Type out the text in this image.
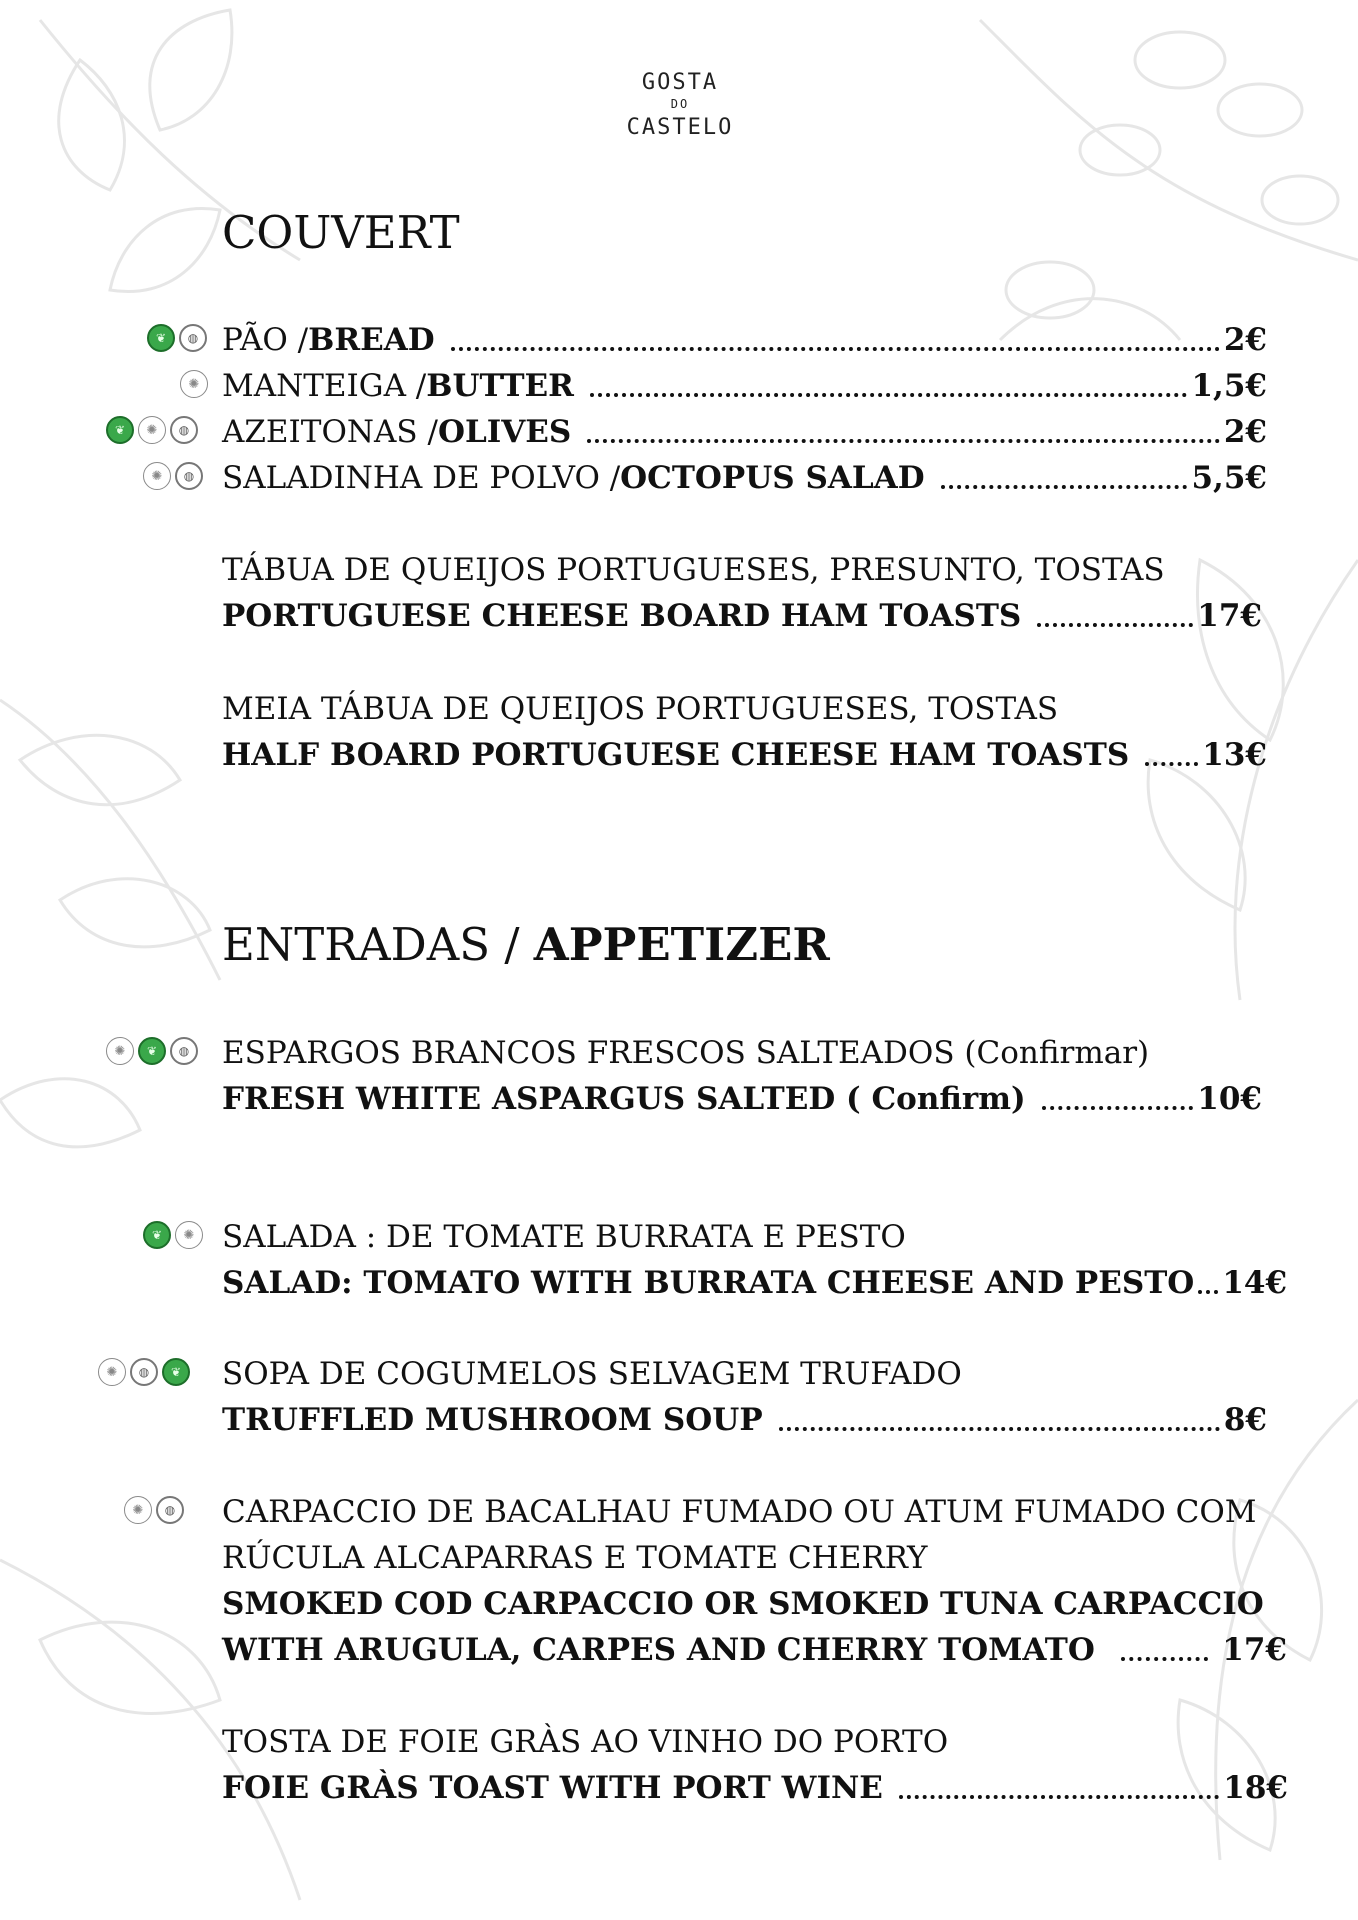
GOSTA
DO
CASTELO
COUVERT
❦	◍ PÃO / BREAD	2€
✺ MANTEIGA / BUTTER	1,5€
❦	✺	◍ AZEITONAS / OLIVES	2€
✺	◍ SALADINHA DE POLVO / OCTOPUS SALAD	5,5€
TÁBUA DE QUEIJOS PORTUGUESES, PRESUNTO, TOSTAS
PORTUGUESE CHEESE BOARD HAM TOASTS	17€
MEIA TÁBUA DE QUEIJOS PORTUGUESES, TOSTAS
HALF BOARD PORTUGUESE CHEESE HAM TOASTS 13€
ENTRADAS / APPETIZER
✺	❦	◍ ESPARGOS BRANCOS FRESCOS SALTEADOS (Confirmar)
FRESH WHITE ASPARGUS SALTED ( Confirm)	10€
❦	✺ SALADA : DE TOMATE BURRATA E PESTO
SALAD: TOMATO WITH BURRATA CHEESE AND PESTO 14€
✺	◍	❦ SOPA DE COGUMELOS SELVAGEM TRUFADO
TRUFFLED MUSHROOM SOUP	8€
✺	◍ CARPACCIO DE BACALHAU FUMADO OU ATUM FUMADO COM
RÚCULA ALCAPARRAS E TOMATE CHERRY
SMOKED COD CARPACCIO OR SMOKED TUNA CARPACCIO
WITH ARUGULA, CARPES AND CHERRY TOMATO	17€
TOSTA DE FOIE GRÀS AO VINHO DO PORTO
FOIE GRÀS TOAST WITH PORT WINE	18€
